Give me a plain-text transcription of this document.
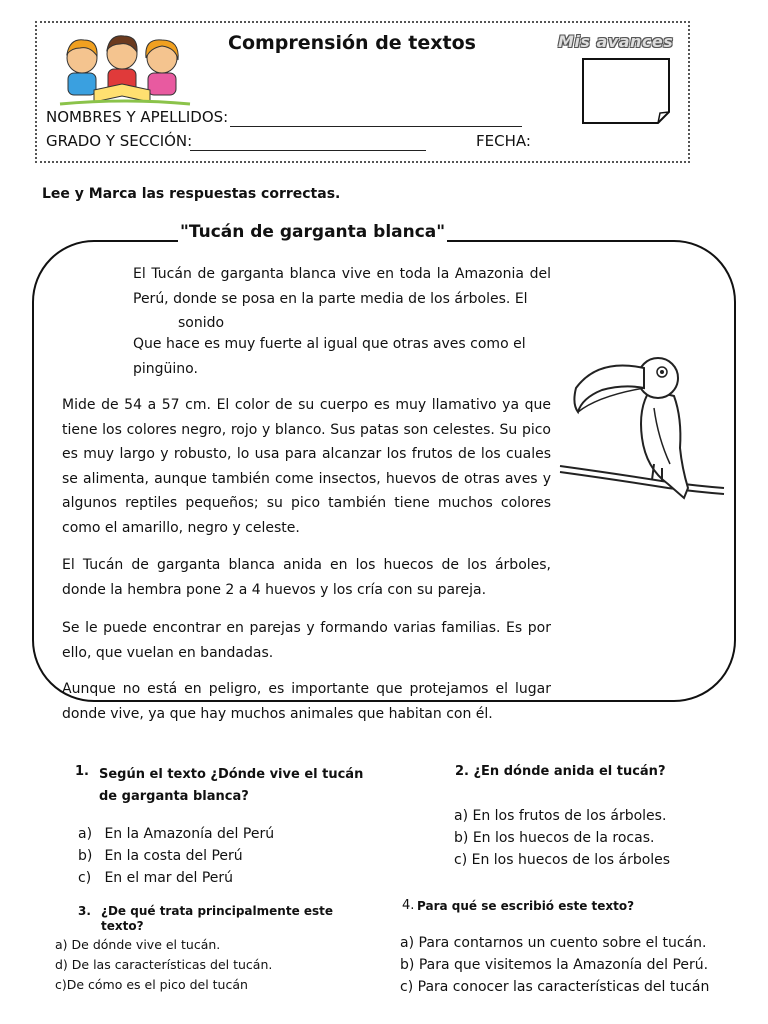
Comprensión de textos	Mis avances
NOMBRES Y APELLIDOS:
GRADO Y SECCIÓN:	FECHA:
Lee y Marca las respuestas correctas.
"Tucán de garganta blanca"
El Tucán de garganta blanca vive en toda la Amazonia del Perú, donde se posa en la parte media de los árboles. El
sonido
Que hace es muy fuerte al igual que otras aves como el pingüino.
Mide de 54 a 57 cm. El color de su cuerpo es muy llamativo ya que tiene los colores negro, rojo y blanco. Sus patas son celestes. Su pico es muy largo y robusto, lo usa para alcanzar los frutos de los cuales se alimenta, aunque también come insectos, huevos de otras aves y algunos reptiles pequeños; su pico también tiene muchos colores como el amarillo, negro y celeste.
El Tucán de garganta blanca anida en los huecos de los árboles, donde la hembra pone 2 a 4 huevos y los cría con su pareja.
Se le puede encontrar en parejas y formando varias familias. Es por ello, que vuelan en bandadas.
Aunque no está en peligro, es importante que protejamos el lugar donde vive, ya que hay muchos animales que habitan con él.
1. Según el texto ¿Dónde vive el tucán de garganta blanca?
a) En la Amazonía del Perú
b) En la costa del Perú
c) En el mar del Perú
2. ¿En dónde anida el tucán?
a) En los frutos de los árboles.
b) En los huecos de la rocas.
c) En los huecos de los árboles
3. ¿De qué trata principalmente este texto?
a) De dónde vive el tucán.
d) De las características del tucán.
c)De cómo es el pico del tucán
4. Para qué se escribió este texto?
a) Para contarnos un cuento sobre el tucán.
b) Para que visitemos la Amazonía del Perú.
c) Para conocer las características del tucán
